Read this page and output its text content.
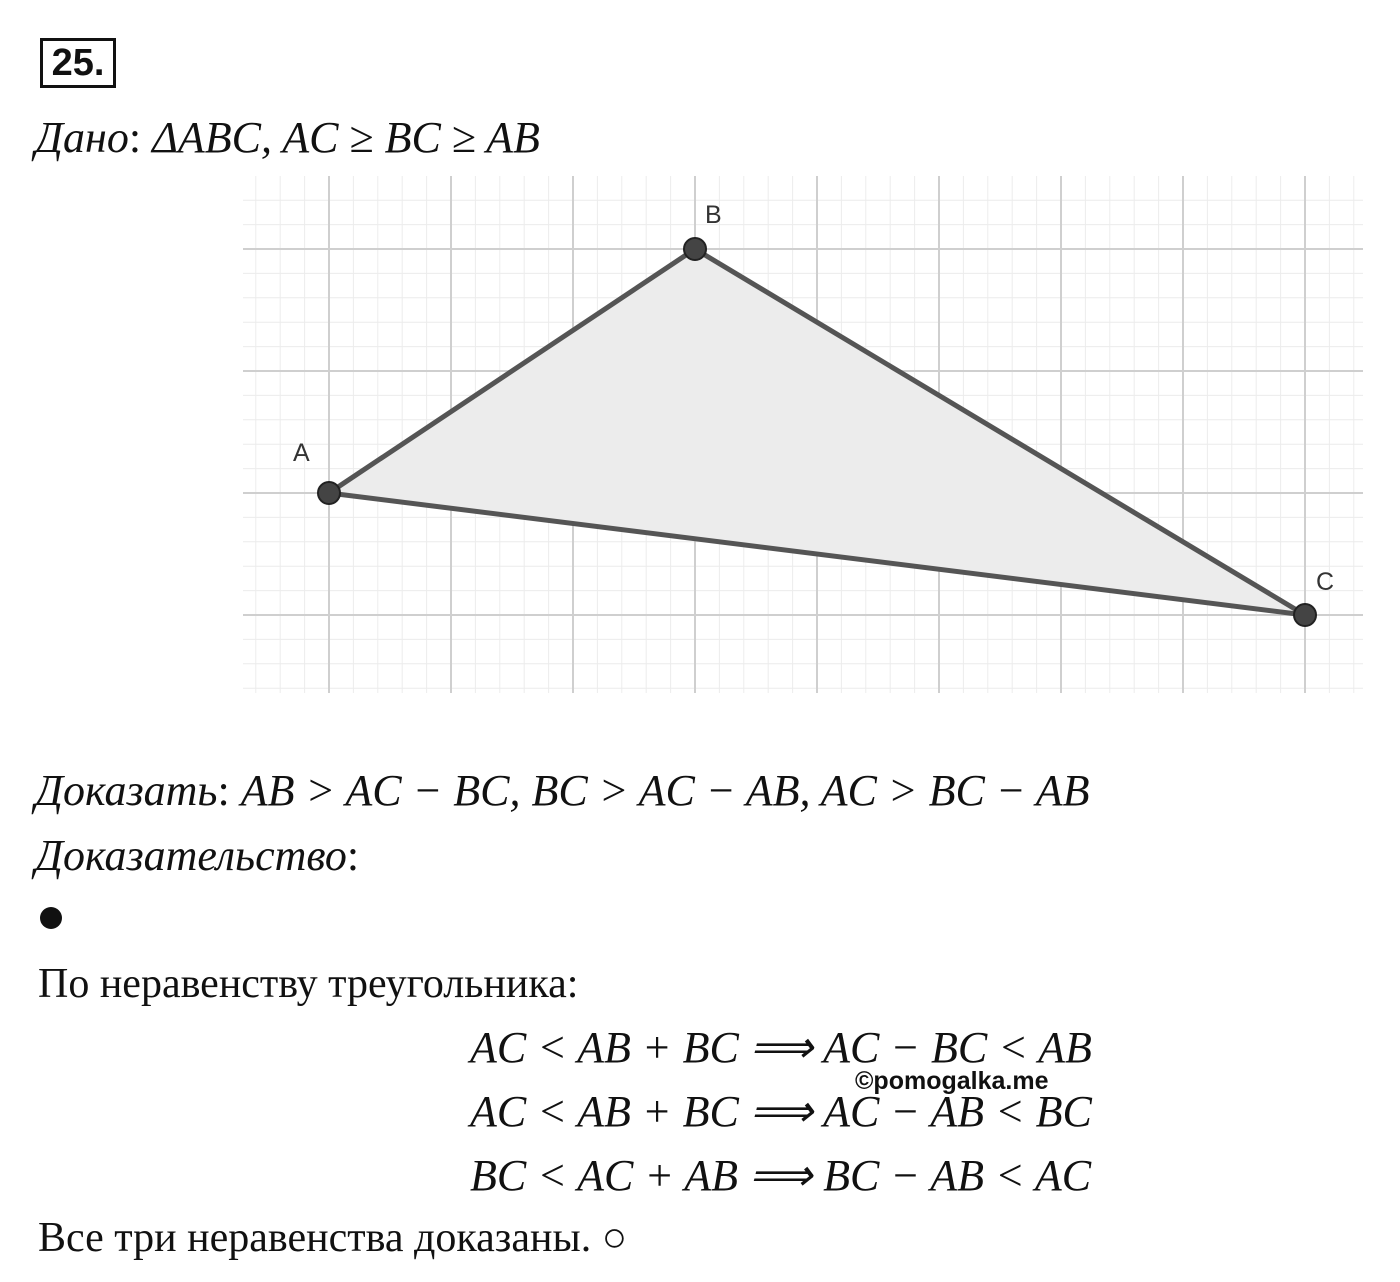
25.
Дано: ΔABC, AC ≥ BC ≥ AB
A
B
C
Доказать: AB > AC − BC, BC > AC − AB, AC > BC − AB
Доказательство:
По неравенству треугольника:
AC < AB + BC ⟹ AC − BC < AB
AC < AB + BC ⟹ AC − AB < BC
BC < AC + AB ⟹ BC − AB < AC
©pomogalka.me
Все три неравенства доказаны. ○
